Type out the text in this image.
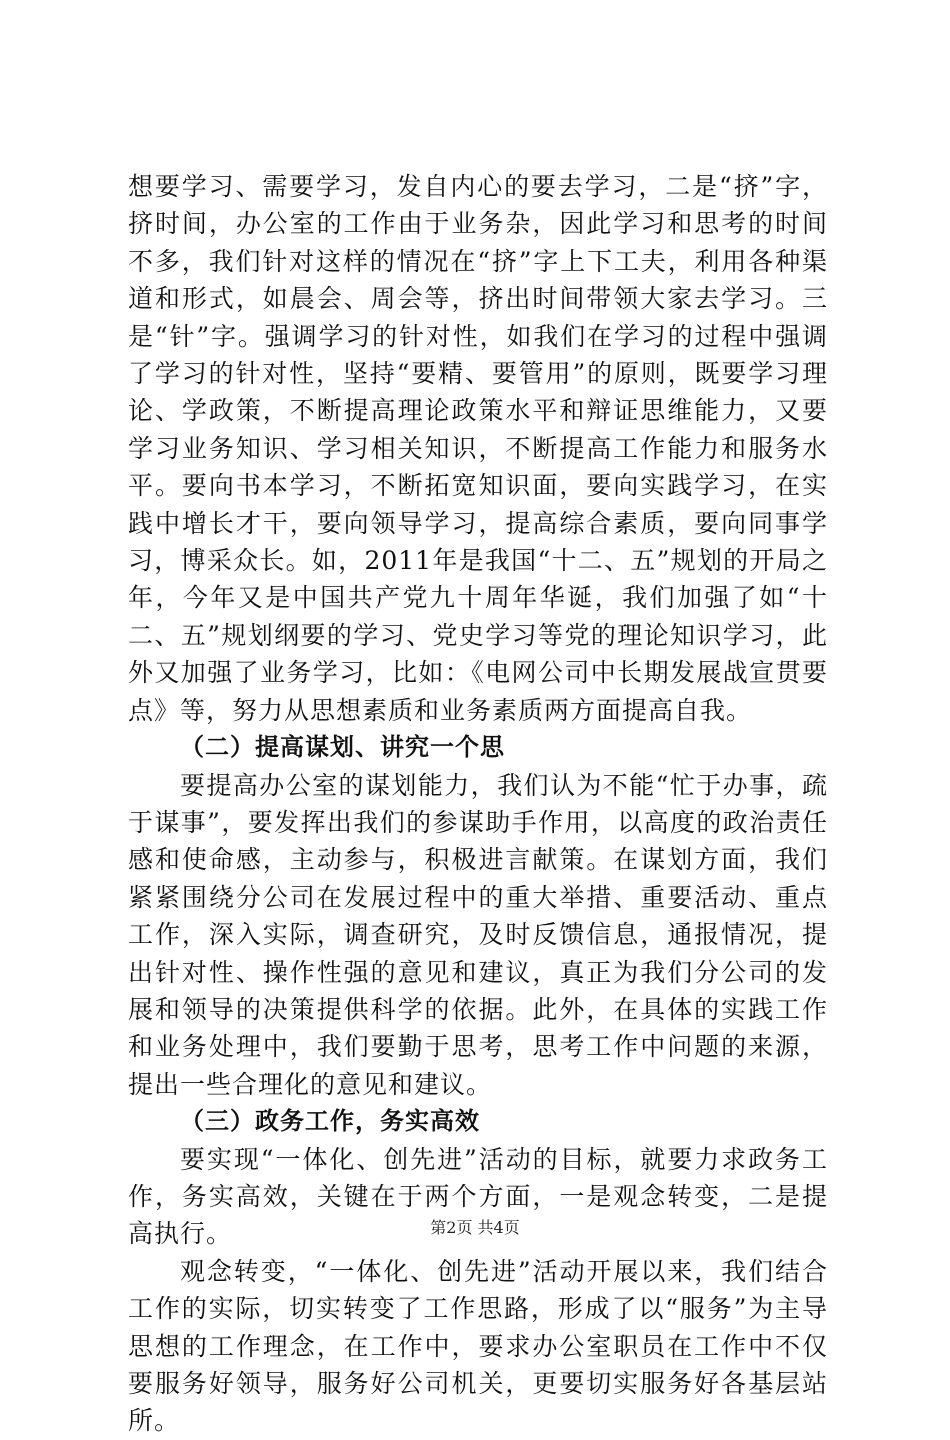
想要学习、需要学习，发自内心的要去学习，二是“挤”字，挤时间，办公室的工作由于业务杂，因此学习和思考的时间不多，我们针对这样的情况在“挤”字上下工夫，利用各种渠道和形式，如晨会、周会等，挤出时间带领大家去学习。三是“针”字。强调学习的针对性，如我们在学习的过程中强调了学习的针对性，坚持“要精、要管用”的原则，既要学习理论、学政策，不断提高理论政策水平和辩证思维能力，又要学习业务知识、学习相关知识，不断提高工作能力和服务水平。要向书本学习，不断拓宽知识面，要向实践学习，在实践中增长才干，要向领导学习，提高综合素质，要向同事学习，博采众长。如，2011年是我国“十二、五”规划的开局之年，今年又是中国共产党九十周年华诞，我们加强了如“十二、五”规划纲要的学习、党史学习等党的理论知识学习，此外又加强了业务学习，比如：《电网公司中长期发展战宣贯要点》等，努力从思想素质和业务素质两方面提高自我。

（二）提高谋划、讲究一个思

要提高办公室的谋划能力，我们认为不能“忙于办事，疏于谋事”，要发挥出我们的参谋助手作用，以高度的政治责任感和使命感，主动参与，积极进言献策。在谋划方面，我们紧紧围绕分公司在发展过程中的重大举措、重要活动、重点工作，深入实际，调查研究，及时反馈信息，通报情况，提出针对性、操作性强的意见和建议，真正为我们分公司的发展和领导的决策提供科学的依据。此外，在具体的实践工作和业务处理中，我们要勤于思考，思考工作中问题的来源，提出一些合理化的意见和建议。

（三）政务工作，务实高效

要实现“一体化、创先进”活动的目标，就要力求政务工作，务实高效，关键在于两个方面，一是观念转变，二是提高执行。

观念转变，“一体化、创先进”活动开展以来，我们结合工作的实际，切实转变了工作思路，形成了以“服务”为主导思想的工作理念，在工作中，要求办公室职员在工作中不仅要服务好领导，服务好公司机关，更要切实服务好各基层站所。

第2页 共4页
